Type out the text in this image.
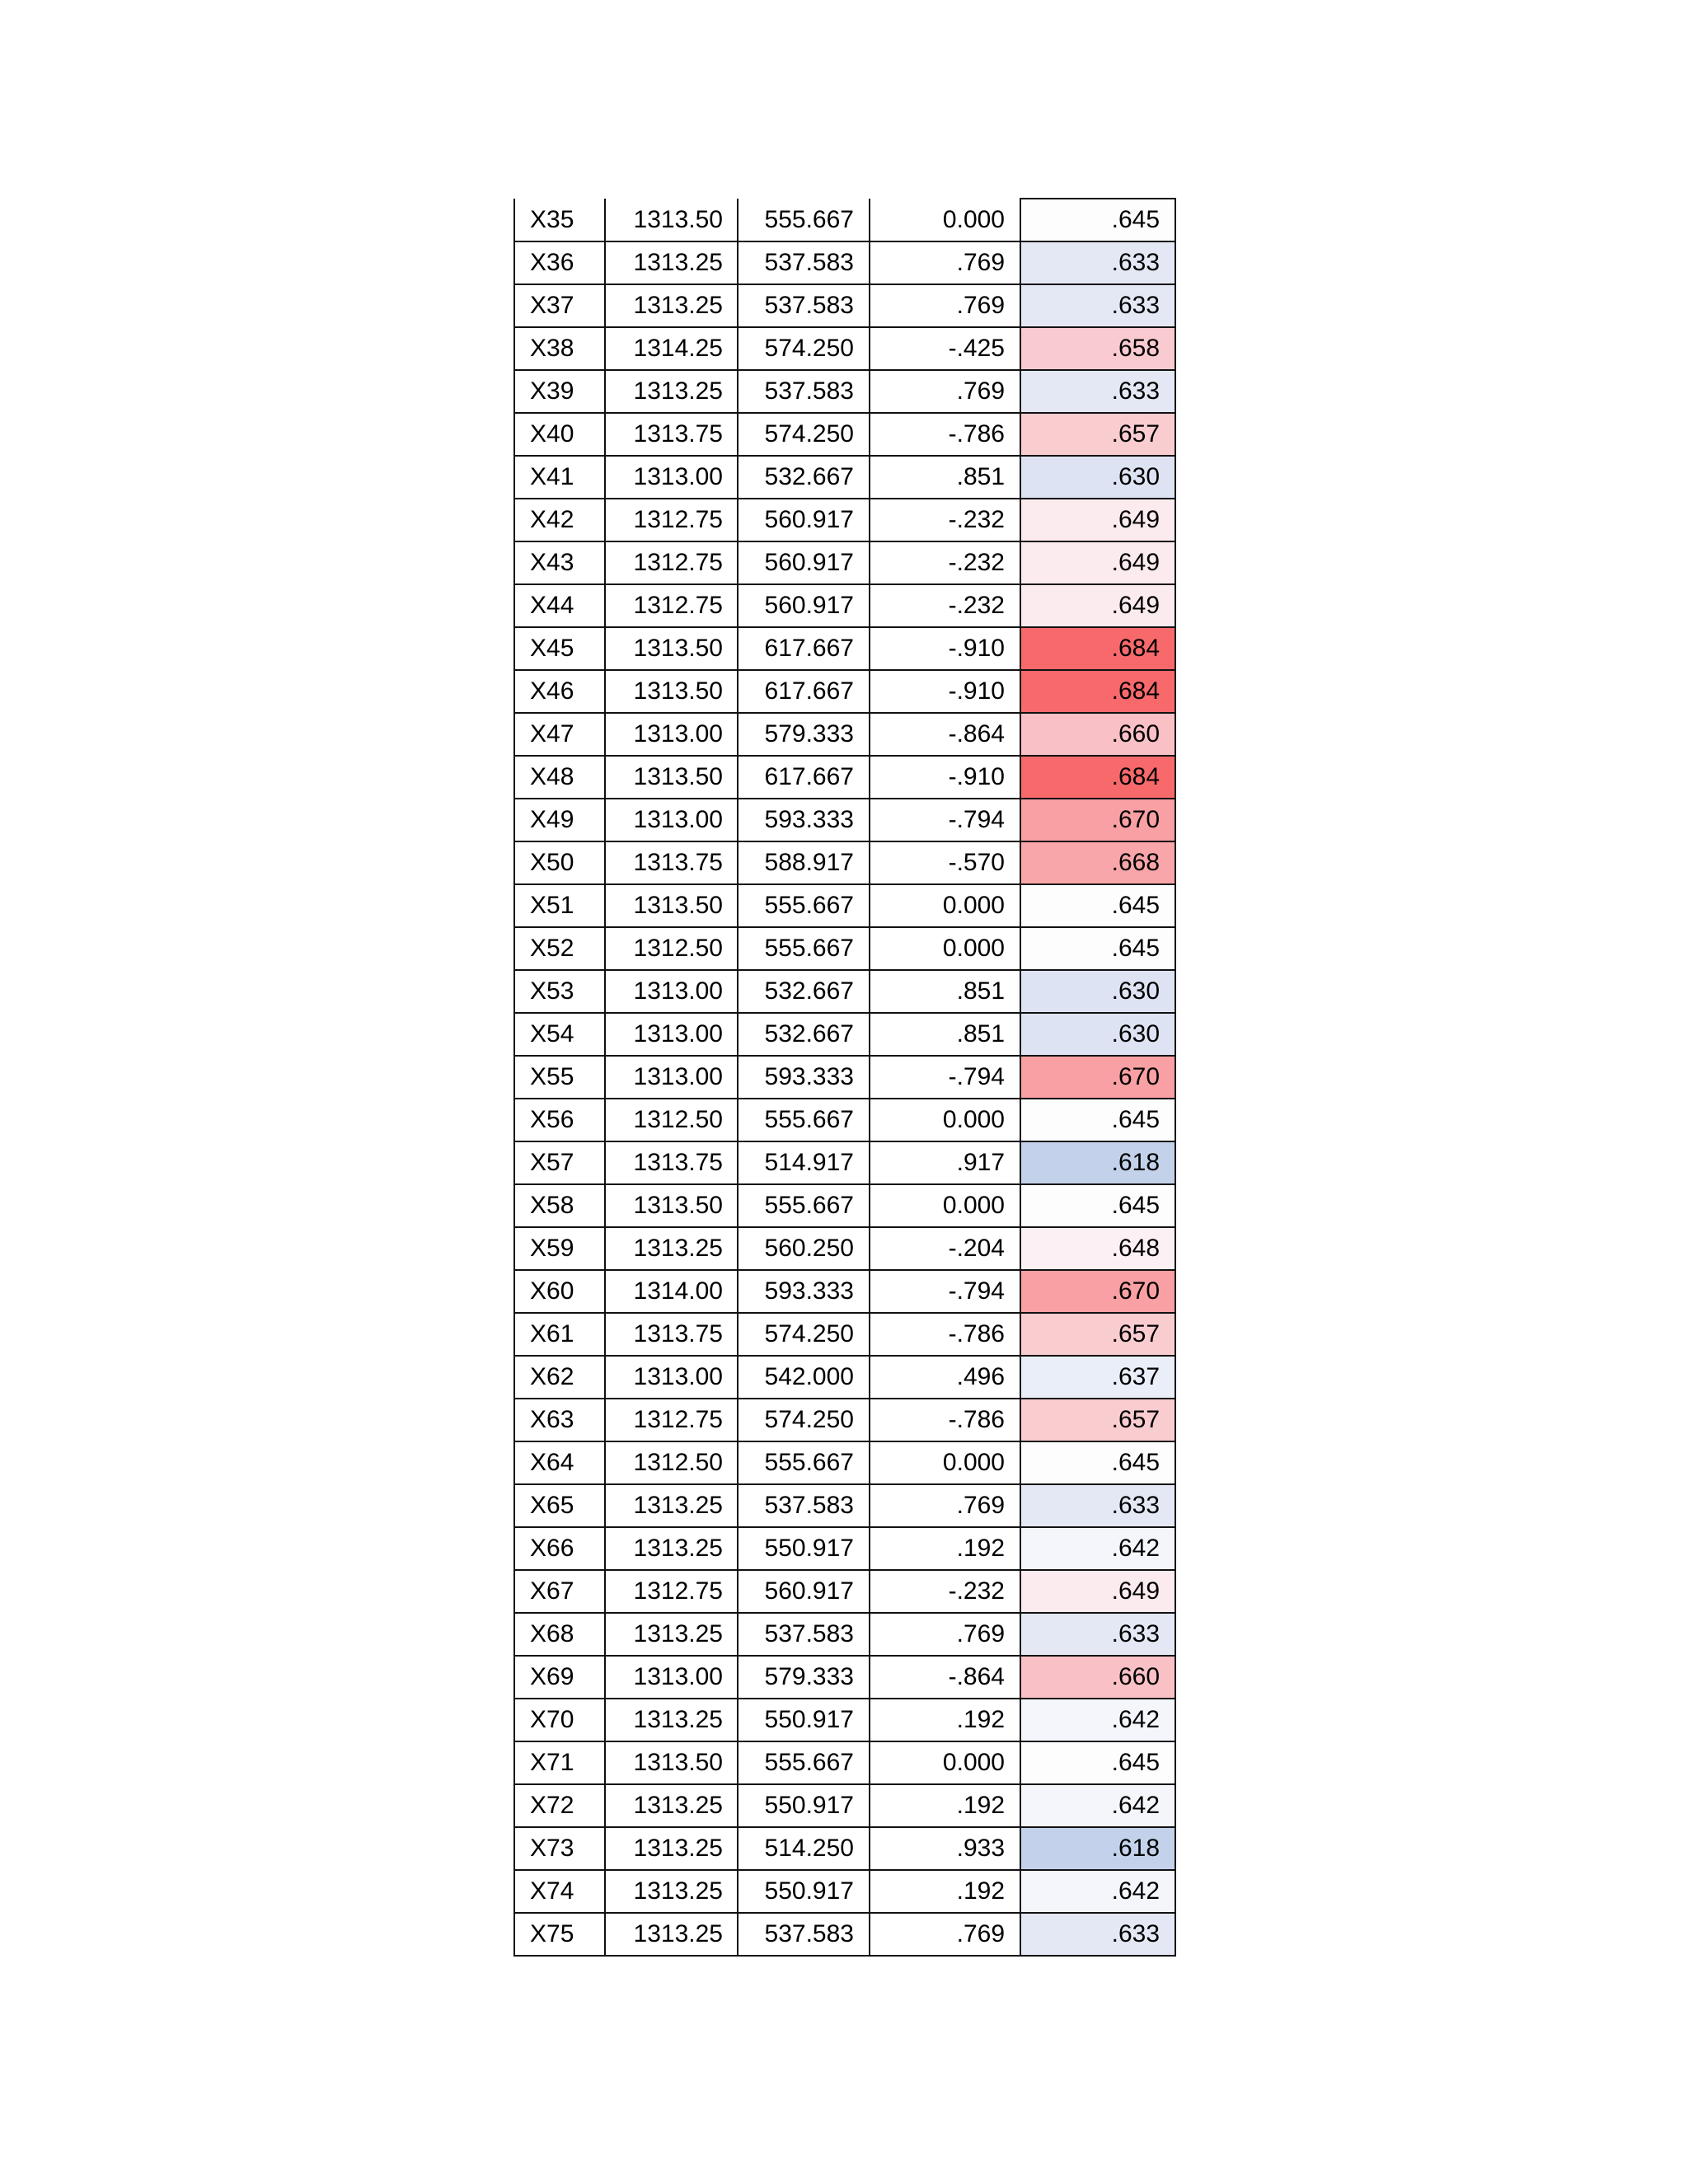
X35	1313.50	555.667	0.000	.645
X36	1313.25	537.583	.769	.633
X37	1313.25	537.583	.769	.633
X38	1314.25	574.250	-.425	.658
X39	1313.25	537.583	.769	.633
X40	1313.75	574.250	-.786	.657
X41	1313.00	532.667	.851	.630
X42	1312.75	560.917	-.232	.649
X43	1312.75	560.917	-.232	.649
X44	1312.75	560.917	-.232	.649
X45	1313.50	617.667	-.910	.684
X46	1313.50	617.667	-.910	.684
X47	1313.00	579.333	-.864	.660
X48	1313.50	617.667	-.910	.684
X49	1313.00	593.333	-.794	.670
X50	1313.75	588.917	-.570	.668
X51	1313.50	555.667	0.000	.645
X52	1312.50	555.667	0.000	.645
X53	1313.00	532.667	.851	.630
X54	1313.00	532.667	.851	.630
X55	1313.00	593.333	-.794	.670
X56	1312.50	555.667	0.000	.645
X57	1313.75	514.917	.917	.618
X58	1313.50	555.667	0.000	.645
X59	1313.25	560.250	-.204	.648
X60	1314.00	593.333	-.794	.670
X61	1313.75	574.250	-.786	.657
X62	1313.00	542.000	.496	.637
X63	1312.75	574.250	-.786	.657
X64	1312.50	555.667	0.000	.645
X65	1313.25	537.583	.769	.633
X66	1313.25	550.917	.192	.642
X67	1312.75	560.917	-.232	.649
X68	1313.25	537.583	.769	.633
X69	1313.00	579.333	-.864	.660
X70	1313.25	550.917	.192	.642
X71	1313.50	555.667	0.000	.645
X72	1313.25	550.917	.192	.642
X73	1313.25	514.250	.933	.618
X74	1313.25	550.917	.192	.642
X75	1313.25	537.583	.769	.633
